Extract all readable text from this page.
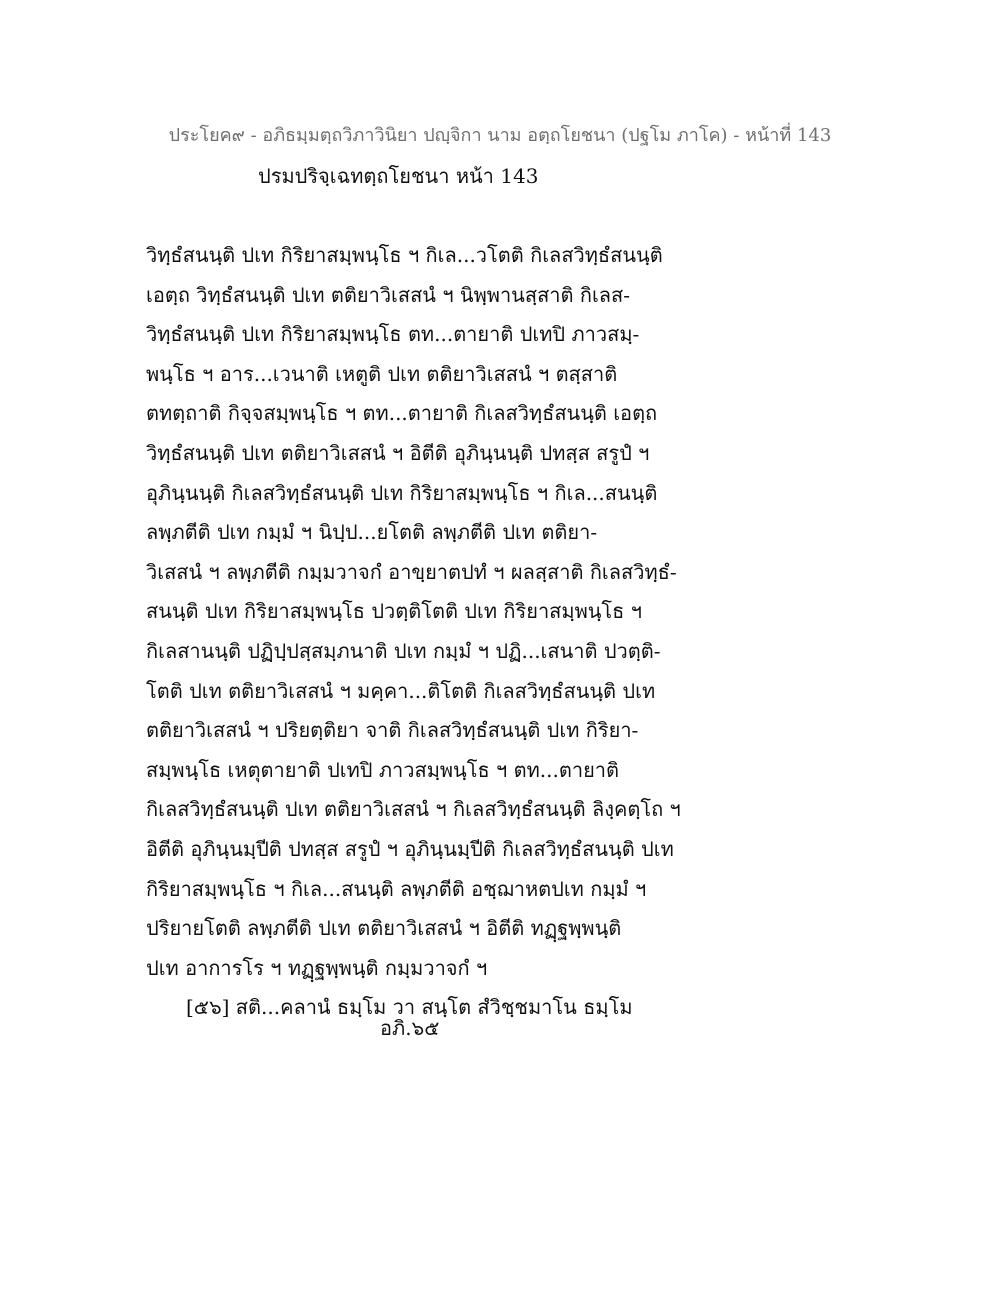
ประโยค๙ - อภิธมฺมตฺถวิภาวินิยา ปญฺจิกา นาม อตฺถโยชนา (ปฐโม ภาโค) - หน้าที่ 143
ปรมปริจฺเฉทตฺถโยชนา หน้า 143
วิทฺธํสนนฺติ ปเท กิริยาสมฺพนฺโธ ฯ กิเล...วโตติ กิเลสวิทฺธํสนนฺติ
เอตฺถ วิทฺธํสนนฺติ ปเท ตติยาวิเสสนํ ฯ นิพฺพานสฺสาติ กิเลส-
วิทฺธํสนนฺติ ปเท กิริยาสมฺพนฺโธ ตท...ตายาติ ปเทปิ ภาวสมฺ-
พนฺโธ ฯ อาร...เวนาติ เหตูติ ปเท ตติยาวิเสสนํ ฯ ตสฺสาติ
ตทตฺถาติ กิจฺจสมฺพนฺโธ ฯ ตท...ตายาติ กิเลสวิทฺธํสนนฺติ เอตฺถ
วิทฺธํสนนฺติ ปเท ตติยาวิเสสนํ ฯ อิตีติ อุภินฺนนฺติ ปทสฺส สรูปํ ฯ
อุภินฺนนฺติ กิเลสวิทฺธํสนนฺติ ปเท กิริยาสมฺพนฺโธ ฯ กิเล...สนนฺติ
ลพฺภตีติ ปเท กมฺมํ ฯ นิปฺป...ยโตติ ลพฺภตีติ ปเท ตติยา-
วิเสสนํ ฯ ลพฺภตีติ กมฺมวาจกํ อาขฺยาตปทํ ฯ ผลสฺสาติ กิเลสวิทฺธํ-
สนนฺติ ปเท กิริยาสมฺพนฺโธ ปวตฺติโตติ ปเท กิริยาสมฺพนฺโธ ฯ
กิเลสานนฺติ ปฏิปฺปสฺสมฺภนาติ ปเท กมฺมํ ฯ ปฏิ...เสนาติ ปวตฺติ-
โตติ ปเท ตติยาวิเสสนํ ฯ มคฺคา...ติโตติ กิเลสวิทฺธํสนนฺติ ปเท
ตติยาวิเสสนํ ฯ ปริยตฺติยา จาติ กิเลสวิทฺธํสนนฺติ ปเท กิริยา-
สมฺพนฺโธ เหตุตายาติ ปเทปิ ภาวสมฺพนฺโธ ฯ ตท...ตายาติ
กิเลสวิทฺธํสนนฺติ ปเท ตติยาวิเสสนํ ฯ กิเลสวิทฺธํสนนฺติ ลิงฺคตฺโถ ฯ
อิตีติ อุภินฺนมฺปีติ ปทสฺส สรูปํ ฯ อุภินฺนมฺปีติ กิเลสวิทฺธํสนนฺติ ปเท
กิริยาสมฺพนฺโธ ฯ กิเล...สนนฺติ ลพฺภตีติ อชฺฌาหตปเท กมฺมํ ฯ
ปริยายโตติ ลพฺภตีติ ปเท ตติยาวิเสสนํ ฯ อิตีติ ทฏฺฐพฺพนฺติ
ปเท อาการโร ฯ ทฏฺฐพฺพนฺติ กมฺมวาจกํ ฯ
[๕๖] สติ...คลานํ ธมฺโม วา สนฺโต สํวิชฺชมาโน ธมฺโม
อภิ.๖๕
